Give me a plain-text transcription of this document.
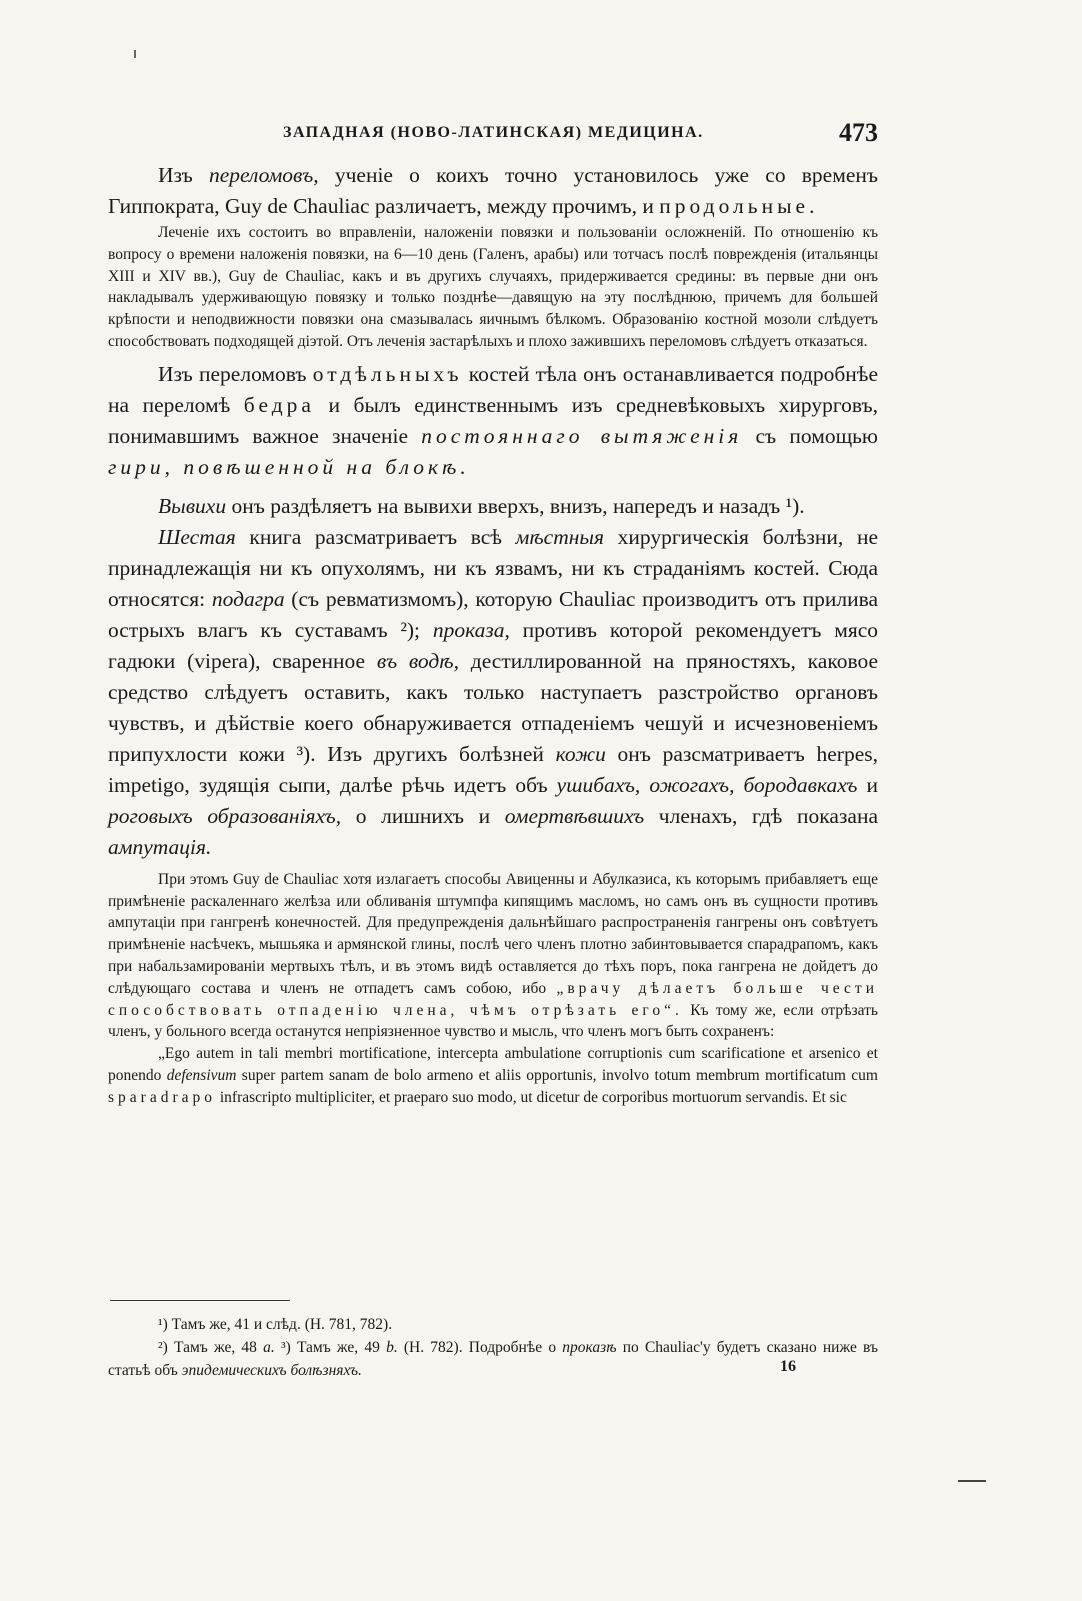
ЗАПАДНАЯ (НОВО-ЛАТИНСКАЯ) МЕДИЦИНА.	473

Изъ переломовъ, ученіе о коихъ точно установилось уже со временъ Гиппократа, Guy de Chauliac различаетъ, между прочимъ, и продольные.

Леченіе ихъ состоитъ во вправленіи, наложеніи повязки и пользованіи осложненій. По отношенію къ вопросу о времени наложенія повязки, на 6—10 день (Галенъ, арабы) или тотчасъ послѣ поврежденія (итальянцы XIII и XIV вв.), Guy de Chauliac, какъ и въ другихъ случаяхъ, придерживается средины: въ первые дни онъ накладывалъ удерживающую повязку и только позднѣе—давящую на эту послѣднюю, причемъ для большей крѣпости и неподвижности повязки она смазывалась яичнымъ бѣлкомъ. Образованію костной мозоли слѣдуетъ способствовать подходящей діэтой. Отъ леченія застарѣлыхъ и плохо зажившихъ переломовъ слѣдуетъ отказаться.

Изъ переломовъ отдѣльныхъ костей тѣла онъ останавливается подробнѣе на переломѣ бедра и былъ единственнымъ изъ средневѣковыхъ хирурговъ, понимавшимъ важное значеніе постояннаго вытяженія съ помощью гири, повѣшенной на блокѣ.

Вывихи онъ раздѣляетъ на вывихи вверхъ, внизъ, напередъ и назадъ ¹).

Шестая книга разсматриваетъ всѣ мѣстныя хирургическія болѣзни, не принадлежащія ни къ опухолямъ, ни къ язвамъ, ни къ страданіямъ костей. Сюда относятся: подагра (съ ревматизмомъ), которую Chauliac производитъ отъ прилива острыхъ влагъ къ суставамъ ²); проказа, противъ которой рекомендуетъ мясо гадюки (vipera), сваренное въ водѣ, дестиллированной на пряностяхъ, каковое средство слѣдуетъ оставить, какъ только наступаетъ разстройство органовъ чувствъ, и дѣйствіе коего обнаруживается отпаденіемъ чешуй и исчезновеніемъ припухлости кожи ³). Изъ другихъ болѣзней кожи онъ разсматриваетъ herpes, impetigo, зудящія сыпи, далѣе рѣчь идетъ объ ушибахъ, ожогахъ, бородавкахъ и роговыхъ образованіяхъ, о лишнихъ и омертвѣвшихъ членахъ, гдѣ показана ампутація.

При этомъ Guy de Chauliac хотя излагаетъ способы Авиценны и Абулказиса, къ которымъ прибавляетъ еще примѣненіе раскаленнаго желѣза или обливанія штумпфа кипящимъ масломъ, но самъ онъ въ сущности противъ ампутаціи при гангренѣ конечностей. Для предупрежденія дальнѣйшаго распространенія гангрены онъ совѣтуетъ примѣненіе насѣчекъ, мышьяка и армянской глины, послѣ чего членъ плотно забинтовывается спарадрапомъ, какъ при набальзамированіи мертвыхъ тѣлъ, и въ этомъ видѣ оставляется до тѣхъ поръ, пока гангрена не дойдетъ до слѣдующаго состава и членъ не отпадетъ самъ собою, ибо „врачу дѣлаетъ больше чести способствовать отпаденію члена, чѣмъ отрѣзать его“. Къ тому же, если отрѣзать членъ, у больного всегда останутся непріязненное чувство и мысль, что членъ могъ быть сохраненъ:

„Ego autem in tali membri mortificatione, intercepta ambulatione corruptionis cum scarificatione et arsenico et ponendo defensivum super partem sanam de bolo armeno et aliis opportunis, involvo totum membrum mortificatum cum sparadrapo infrascripto multipliciter, et praeparo suo modo, ut dicetur de corporibus mortuorum servandis. Et sic

¹) Тамъ же, 41 и слѣд. (H. 781, 782).

²) Тамъ же, 48 a. ³) Тамъ же, 49 b. (H. 782). Подробнѣе о проказѣ по Chauliac'у будетъ сказано ниже въ статьѣ объ эпидемическихъ болѣзняхъ.	16
